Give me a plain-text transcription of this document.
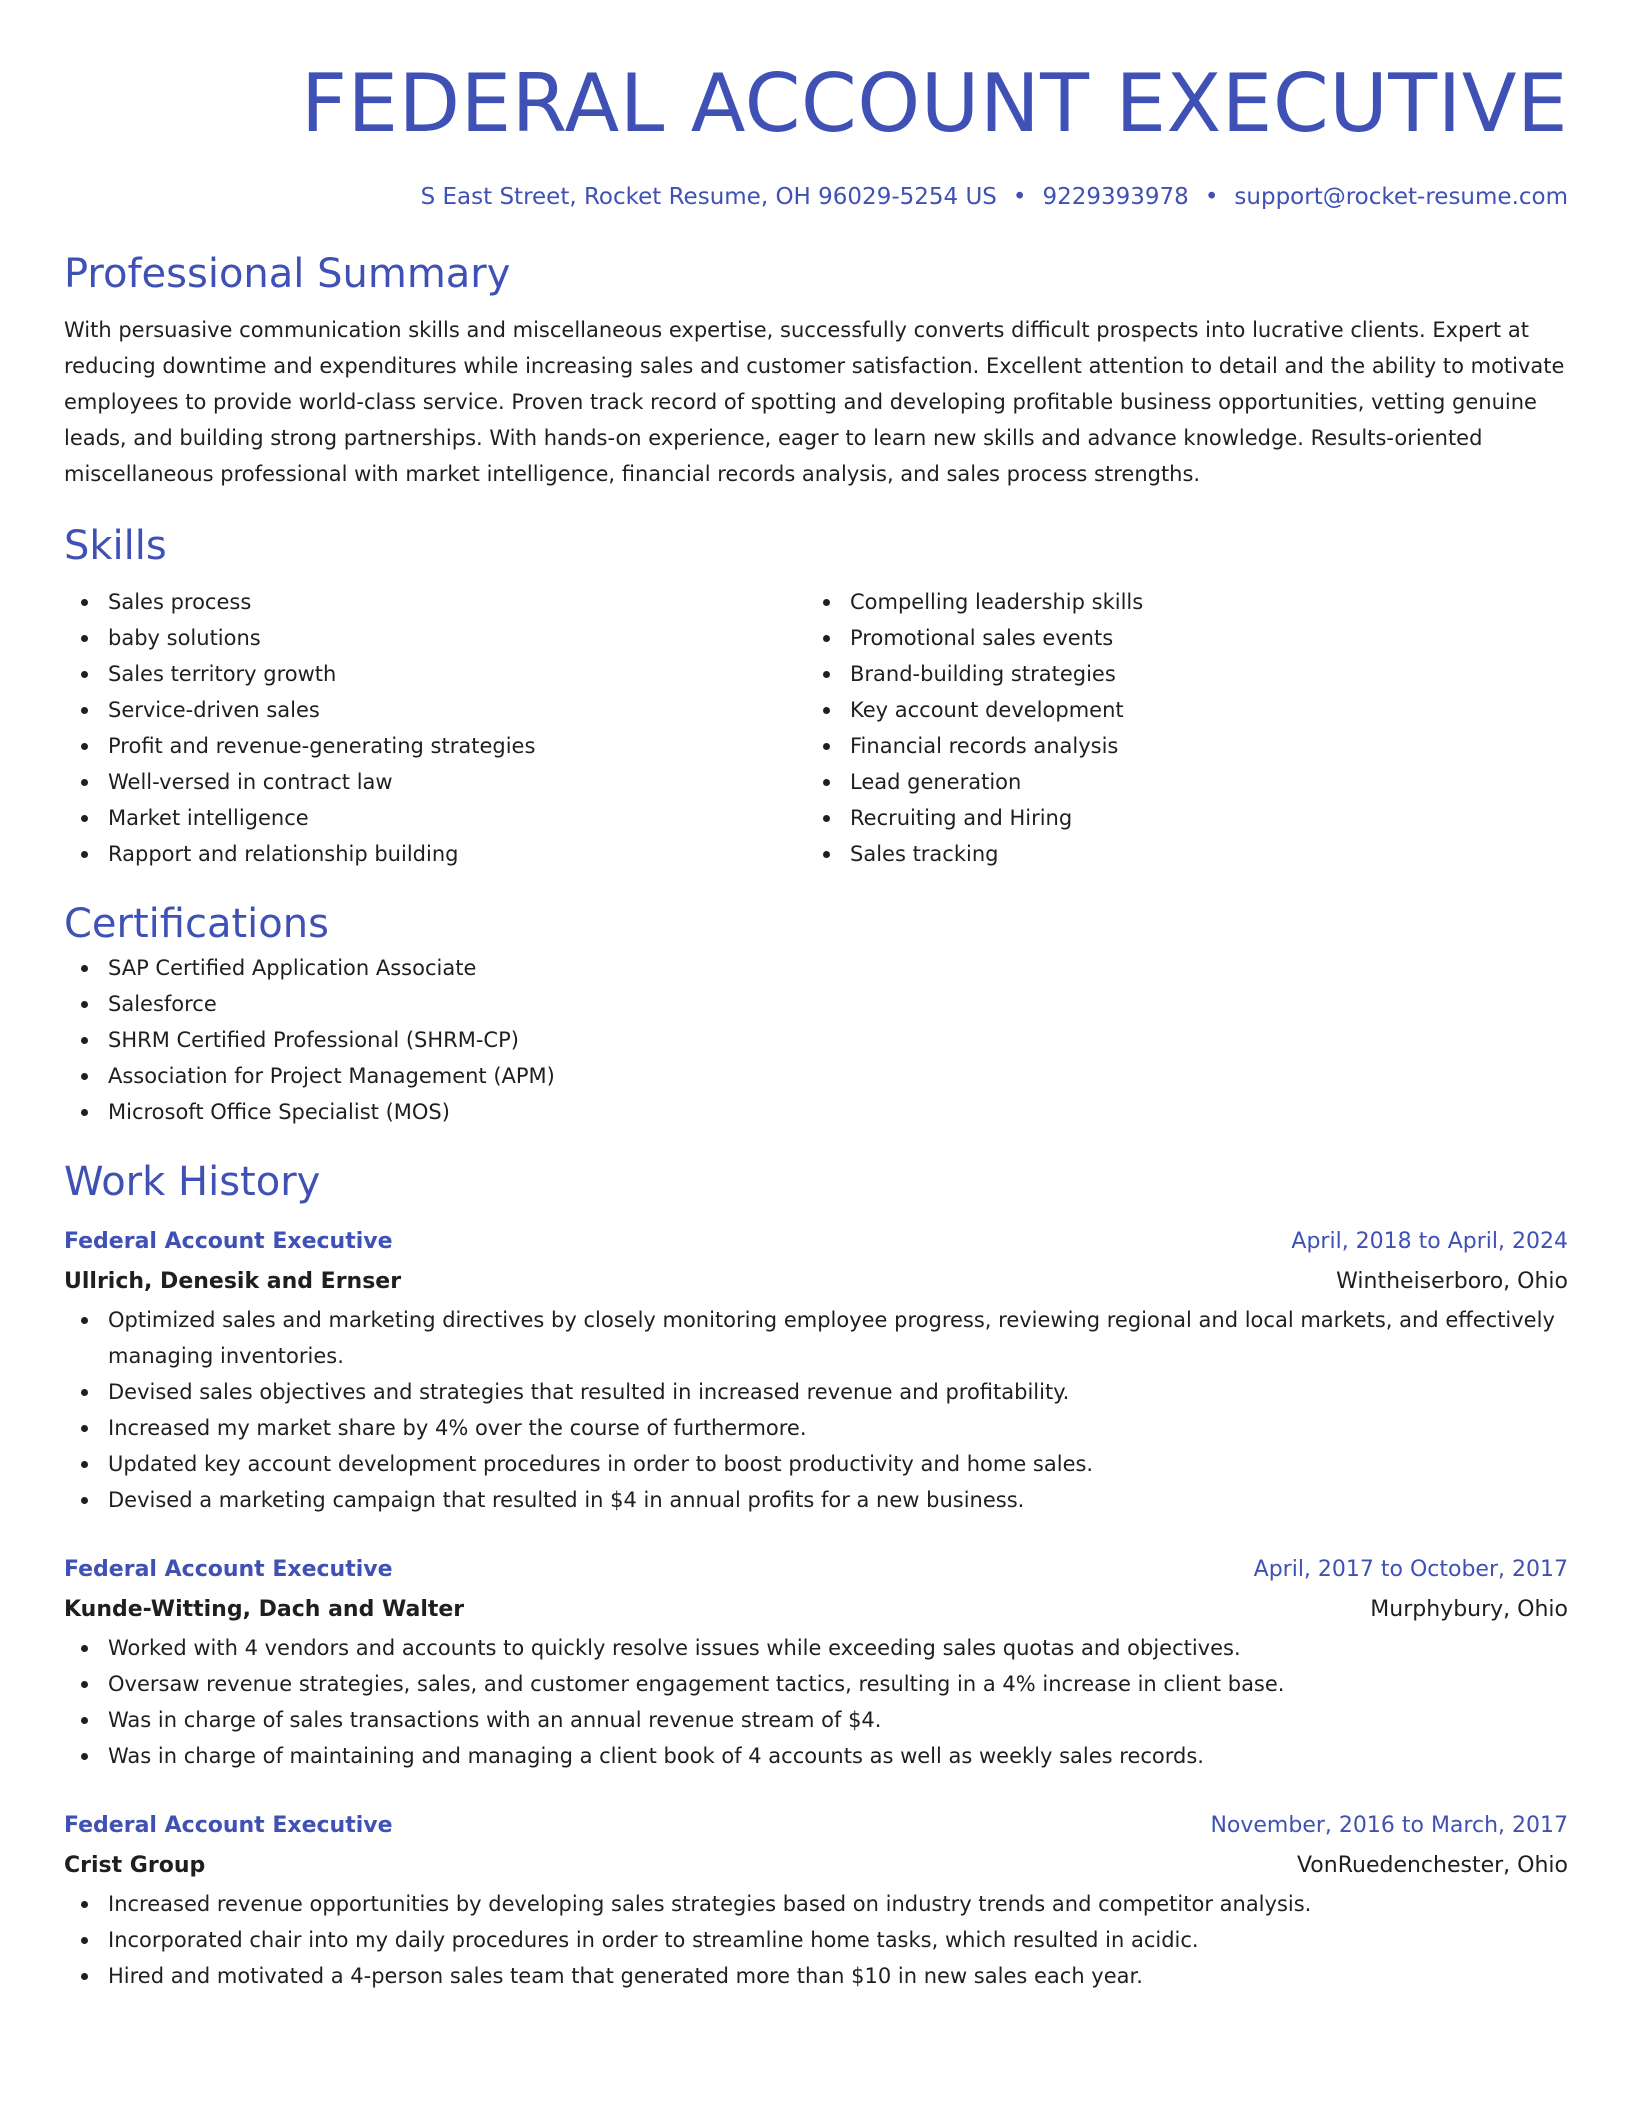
FEDERAL ACCOUNT EXECUTIVE
S East Street, Rocket Resume, OH 96029-5254 US • 9229393978 • support@rocket-resume.com
Professional Summary

With persuasive communication skills and miscellaneous expertise, successfully converts difficult prospects into lucrative clients. Expert at reducing downtime and expenditures while increasing sales and customer satisfaction. Excellent attention to detail and the ability to motivate employees to provide world-class service. Proven track record of spotting and developing profitable business opportunities, vetting genuine leads, and building strong partnerships. With hands-on experience, eager to learn new skills and advance knowledge. Results-oriented miscellaneous professional with market intelligence, financial records analysis, and sales process strengths.

Skills
Sales process
baby solutions
Sales territory growth
Service-driven sales
Profit and revenue-generating strategies
Well-versed in contract law
Market intelligence
Rapport and relationship building
Compelling leadership skills
Promotional sales events
Brand-building strategies
Key account development
Financial records analysis
Lead generation
Recruiting and Hiring
Sales tracking
Certifications
SAP Certified Application Associate
Salesforce
SHRM Certified Professional (SHRM-CP)
Association for Project Management (APM)
Microsoft Office Specialist (MOS)
Work History
Federal Account Executive	April, 2018 to April, 2024
Ullrich, Denesik and Ernser	Wintheiserboro, Ohio
Optimized sales and marketing directives by closely monitoring employee progress, reviewing regional and local markets, and effectively managing inventories.
Devised sales objectives and strategies that resulted in increased revenue and profitability.
Increased my market share by 4% over the course of furthermore.
Updated key account development procedures in order to boost productivity and home sales.
Devised a marketing campaign that resulted in $4 in annual profits for a new business.
Federal Account Executive	April, 2017 to October, 2017
Kunde-Witting, Dach and Walter	Murphybury, Ohio
Worked with 4 vendors and accounts to quickly resolve issues while exceeding sales quotas and objectives.
Oversaw revenue strategies, sales, and customer engagement tactics, resulting in a 4% increase in client base.
Was in charge of sales transactions with an annual revenue stream of $4.
Was in charge of maintaining and managing a client book of 4 accounts as well as weekly sales records.
Federal Account Executive	November, 2016 to March, 2017
Crist Group	VonRuedenchester, Ohio
Increased revenue opportunities by developing sales strategies based on industry trends and competitor analysis.
Incorporated chair into my daily procedures in order to streamline home tasks, which resulted in acidic.
Hired and motivated a 4-person sales team that generated more than $10 in new sales each year.
